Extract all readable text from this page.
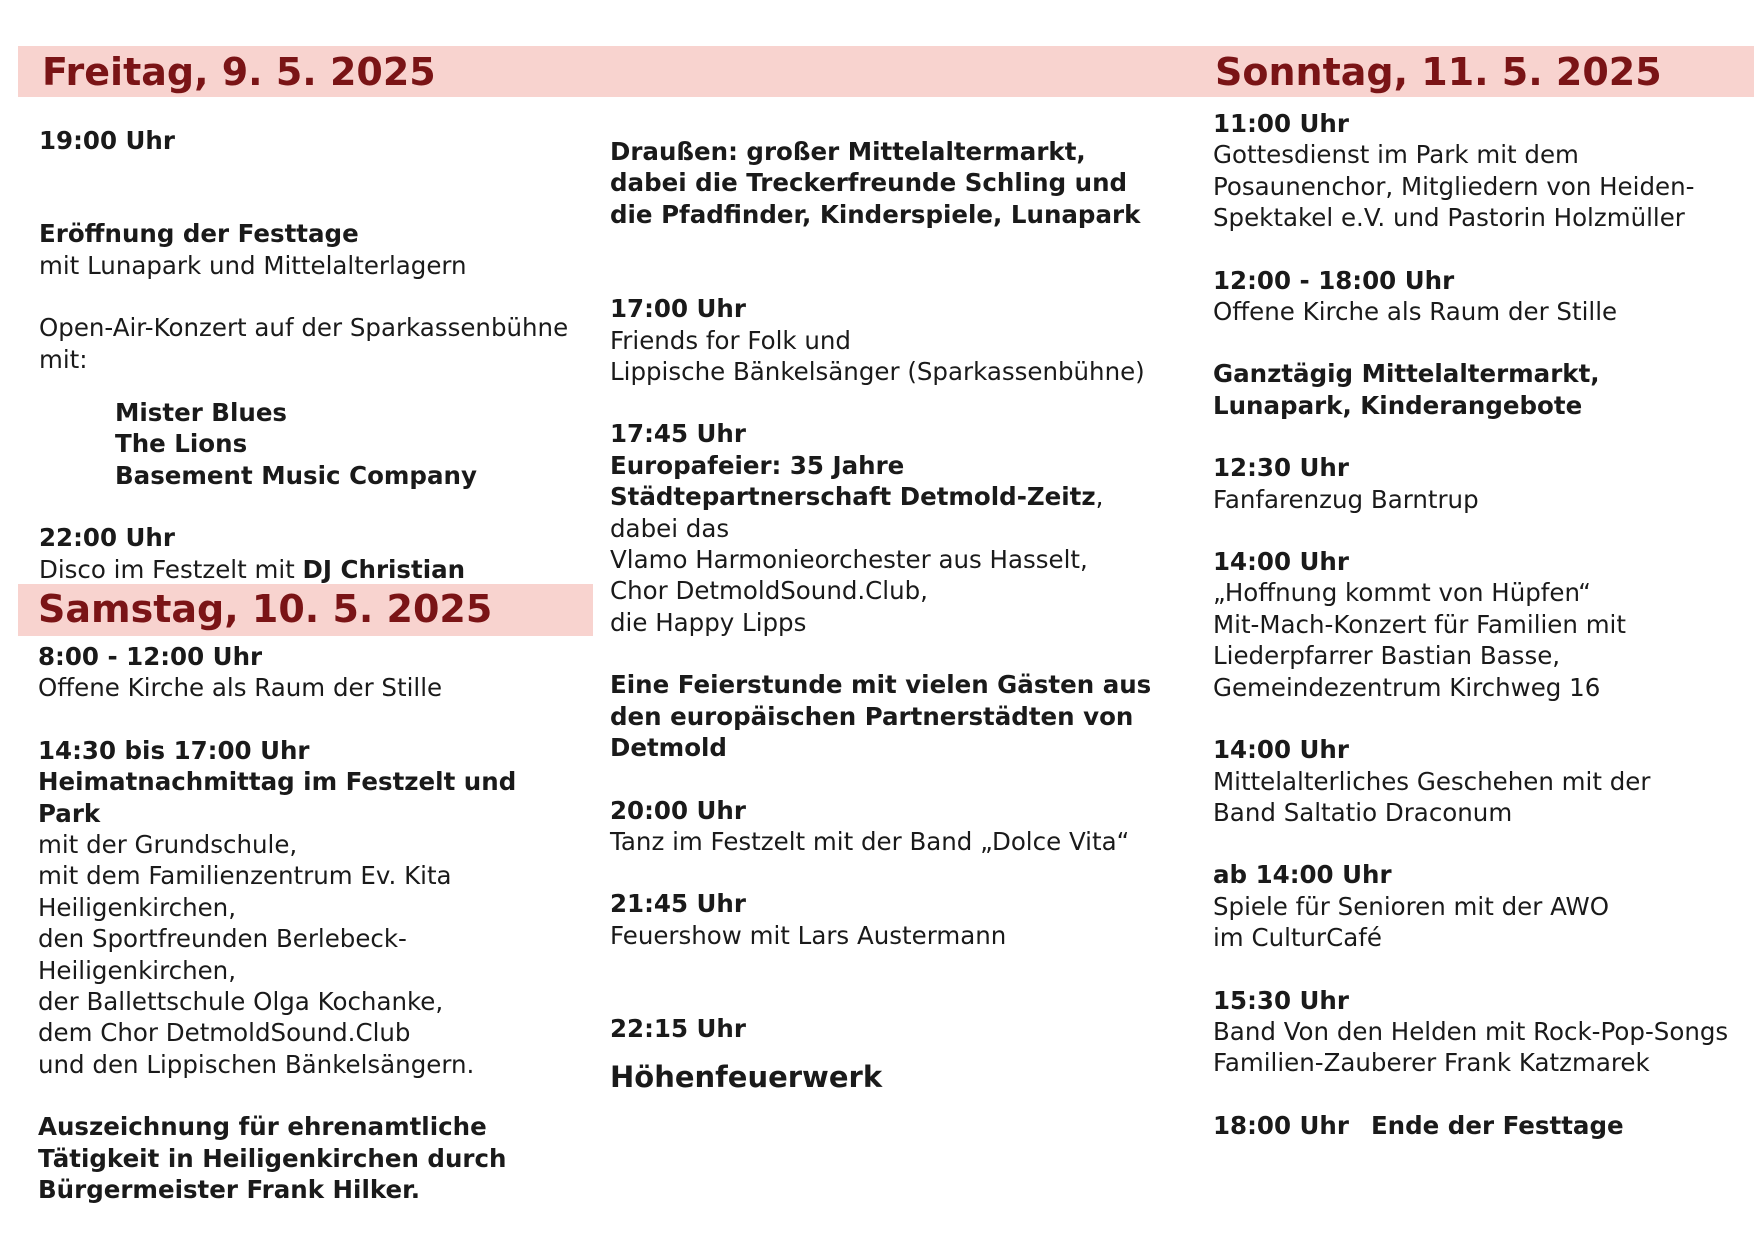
Freitag, 9. 5. 2025	Sonntag, 11. 5. 2025
Samstag, 10. 5. 2025

19:00 Uhr

Eröffnung der Festtage

mit Lunapark und Mittelalterlagern

Open-Air-Konzert auf der Sparkassenbühne

mit:

Mister Blues

The Lions

Basement Music Company

22:00 Uhr

Disco im Festzelt mit DJ Christian

8:00 - 12:00 Uhr

Offene Kirche als Raum der Stille

14:30 bis 17:00 Uhr

Heimatnachmittag im Festzelt und

Park

mit der Grundschule,

mit dem Familienzentrum Ev. Kita

Heiligenkirchen,

den Sportfreunden Berlebeck-

Heiligenkirchen,

der Ballettschule Olga Kochanke,

dem Chor DetmoldSound.Club

und den Lippischen Bänkelsängern.

Auszeichnung für ehrenamtliche

Tätigkeit in Heiligenkirchen durch

Bürgermeister Frank Hilker.

Draußen: großer Mittelaltermarkt,

dabei die Treckerfreunde Schling und

die Pfadfinder, Kinderspiele, Lunapark

17:00 Uhr

Friends for Folk und

Lippische Bänkelsänger (Sparkassenbühne)

17:45 Uhr

Europafeier: 35 Jahre

Städtepartnerschaft Detmold-Zeitz,

dabei das

Vlamo Harmonieorchester aus Hasselt,

Chor DetmoldSound.Club,

die Happy Lipps

Eine Feierstunde mit vielen Gästen aus

den europäischen Partnerstädten von

Detmold

20:00 Uhr

Tanz im Festzelt mit der Band „Dolce Vita“

21:45 Uhr

Feuershow mit Lars Austermann

22:15 Uhr

Höhenfeuerwerk

11:00 Uhr

Gottesdienst im Park mit dem

Posaunenchor, Mitgliedern von Heiden-

Spektakel e.V. und Pastorin Holzmüller

12:00 - 18:00 Uhr

Offene Kirche als Raum der Stille

Ganztägig Mittelaltermarkt,

Lunapark, Kinderangebote

12:30 Uhr

Fanfarenzug Barntrup

14:00 Uhr

„Hoffnung kommt von Hüpfen“

Mit-Mach-Konzert für Familien mit

Liederpfarrer Bastian Basse,

Gemeindezentrum Kirchweg 16

14:00 Uhr

Mittelalterliches Geschehen mit der

Band Saltatio Draconum

ab 14:00 Uhr

Spiele für Senioren mit der AWO

im CulturCafé

15:30 Uhr

Band Von den Helden mit Rock-Pop-Songs

Familien-Zauberer Frank Katzmarek

18:00 Uhr Ende der Festtage
